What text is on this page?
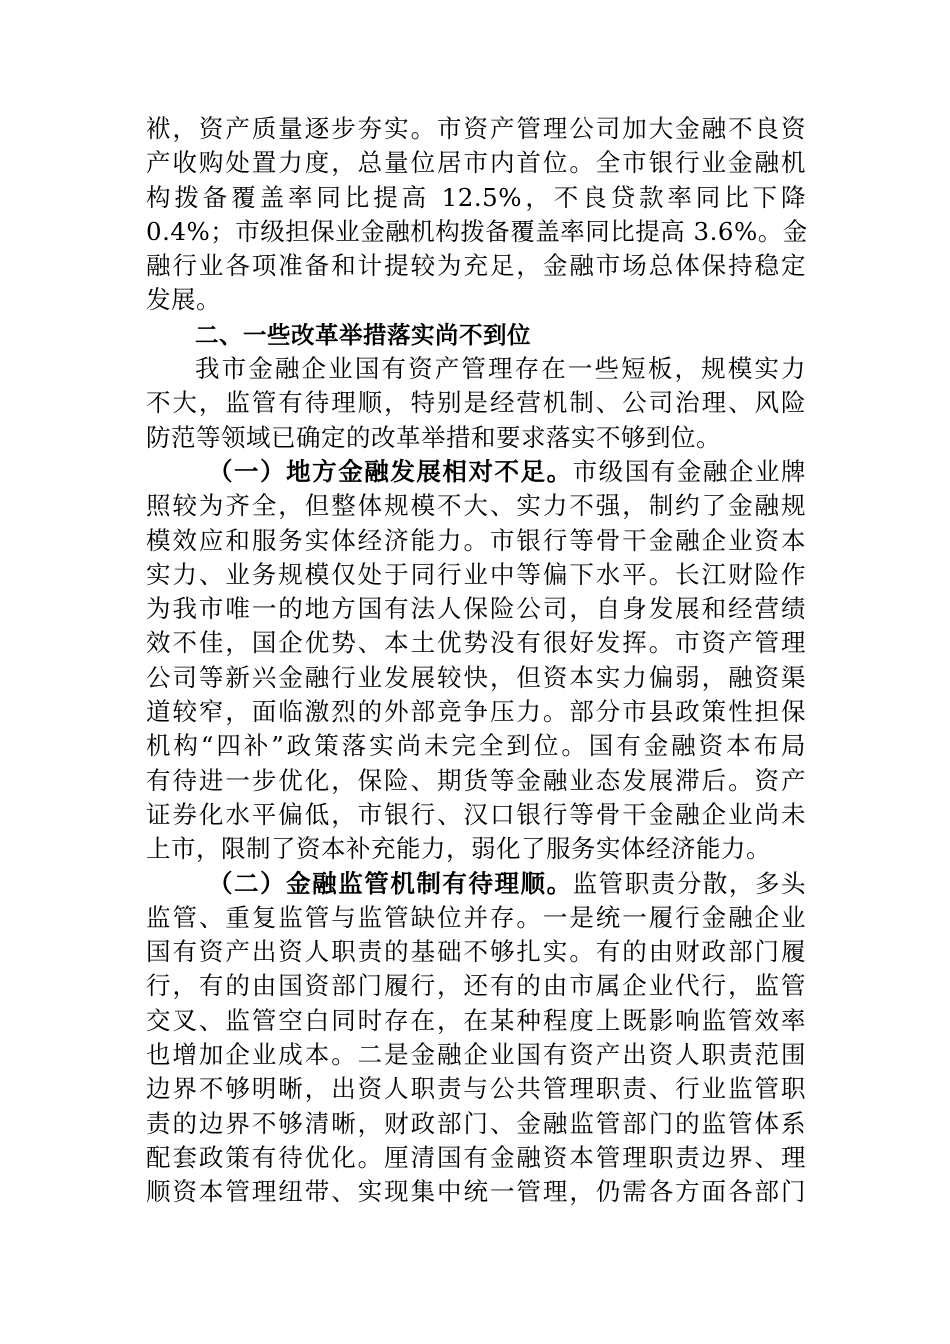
袱，资产质量逐步夯实。市资产管理公司加大金融不良资
产收购处置力度，总量位居市内首位。全市银行业金融机
构拨备覆盖率同比提高 12.5%，不良贷款率同比下降
0.4%；市级担保业金融机构拨备覆盖率同比提高 3.6%。金
融行业各项准备和计提较为充足，金融市场总体保持稳定
发展。
二、一些改革举措落实尚不到位
我市金融企业国有资产管理存在一些短板，规模实力
不大，监管有待理顺，特别是经营机制、公司治理、风险
防范等领域已确定的改革举措和要求落实不够到位。
（一）地方金融发展相对不足。市级国有金融企业牌
照较为齐全，但整体规模不大、实力不强，制约了金融规
模效应和服务实体经济能力。市银行等骨干金融企业资本
实力、业务规模仅处于同行业中等偏下水平。长江财险作
为我市唯一的地方国有法人保险公司，自身发展和经营绩
效不佳，国企优势、本土优势没有很好发挥。市资产管理
公司等新兴金融行业发展较快，但资本实力偏弱，融资渠
道较窄，面临激烈的外部竞争压力。部分市县政策性担保
机构“四补”政策落实尚未完全到位。国有金融资本布局
有待进一步优化，保险、期货等金融业态发展滞后。资产
证券化水平偏低，市银行、汉口银行等骨干金融企业尚未
上市，限制了资本补充能力，弱化了服务实体经济能力。
（二）金融监管机制有待理顺。监管职责分散，多头
监管、重复监管与监管缺位并存。一是统一履行金融企业
国有资产出资人职责的基础不够扎实。有的由财政部门履
行，有的由国资部门履行，还有的由市属企业代行，监管
交叉、监管空白同时存在，在某种程度上既影响监管效率
也增加企业成本。二是金融企业国有资产出资人职责范围
边界不够明晰，出资人职责与公共管理职责、行业监管职
责的边界不够清晰，财政部门、金融监管部门的监管体系
配套政策有待优化。厘清国有金融资本管理职责边界、理
顺资本管理纽带、实现集中统一管理，仍需各方面各部门
